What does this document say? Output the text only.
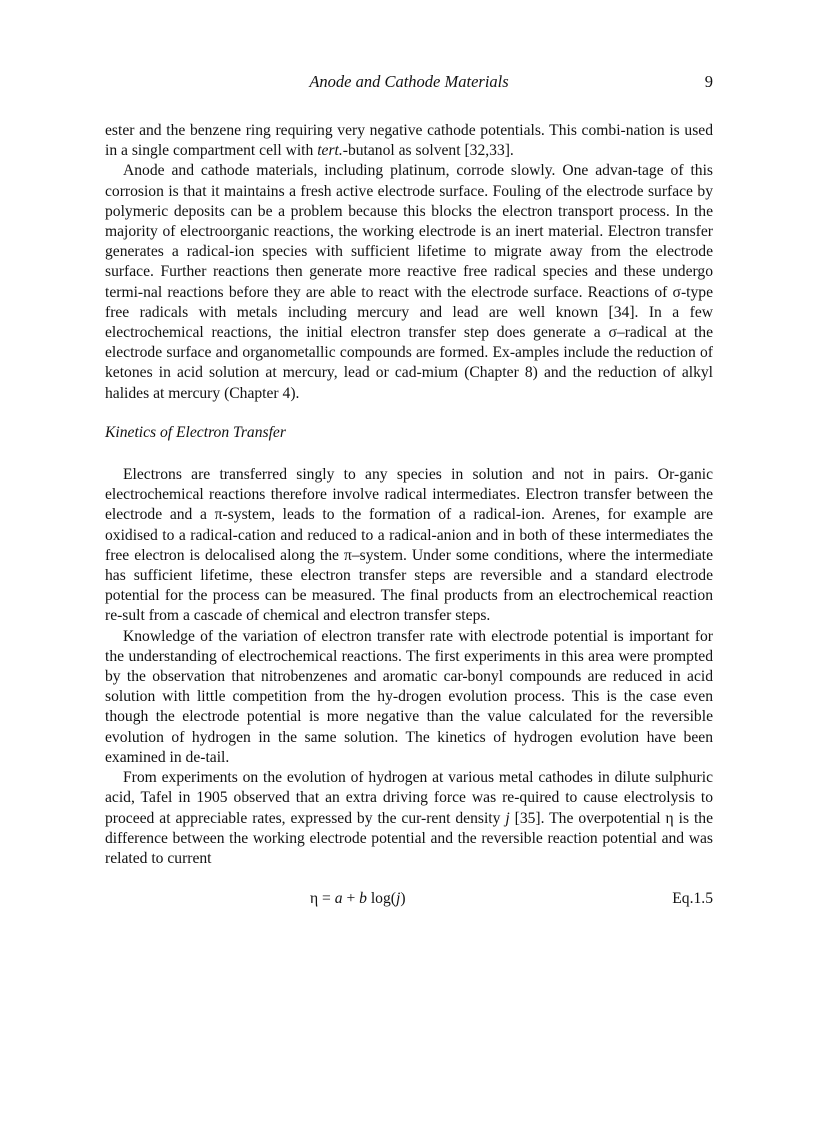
Anode and Cathode Materials	9

ester and the benzene ring requiring very negative cathode potentials. This combi-nation is used in a single compartment cell with tert.-butanol as solvent [32,33].

Anode and cathode materials, including platinum, corrode slowly. One advan-tage of this corrosion is that it maintains a fresh active electrode surface. Fouling of the electrode surface by polymeric deposits can be a problem because this blocks the electron transport process. In the majority of electroorganic reactions, the working electrode is an inert material. Electron transfer generates a radical-ion species with sufficient lifetime to migrate away from the electrode surface. Further reactions then generate more reactive free radical species and these undergo termi-nal reactions before they are able to react with the electrode surface. Reactions of σ-type free radicals with metals including mercury and lead are well known [34]. In a few electrochemical reactions, the initial electron transfer step does generate a σ–radical at the electrode surface and organometallic compounds are formed. Ex-amples include the reduction of ketones in acid solution at mercury, lead or cad-mium (Chapter 8) and the reduction of alkyl halides at mercury (Chapter 4).

Kinetics of Electron Transfer

Electrons are transferred singly to any species in solution and not in pairs. Or-ganic electrochemical reactions therefore involve radical intermediates. Electron transfer between the electrode and a π-system, leads to the formation of a radical-ion. Arenes, for example are oxidised to a radical-cation and reduced to a radical-anion and in both of these intermediates the free electron is delocalised along the π–system. Under some conditions, where the intermediate has sufficient lifetime, these electron transfer steps are reversible and a standard electrode potential for the process can be measured. The final products from an electrochemical reaction re-sult from a cascade of chemical and electron transfer steps.

Knowledge of the variation of electron transfer rate with electrode potential is important for the understanding of electrochemical reactions. The first experiments in this area were prompted by the observation that nitrobenzenes and aromatic car-bonyl compounds are reduced in acid solution with little competition from the hy-drogen evolution process. This is the case even though the electrode potential is more negative than the value calculated for the reversible evolution of hydrogen in the same solution. The kinetics of hydrogen evolution have been examined in de-tail.

From experiments on the evolution of hydrogen at various metal cathodes in dilute sulphuric acid, Tafel in 1905 observed that an extra driving force was re-quired to cause electrolysis to proceed at appreciable rates, expressed by the cur-rent density j [35]. The overpotential η is the difference between the working electrode potential and the reversible reaction potential and was related to current

η = a + b log(j)	Eq.1.5
